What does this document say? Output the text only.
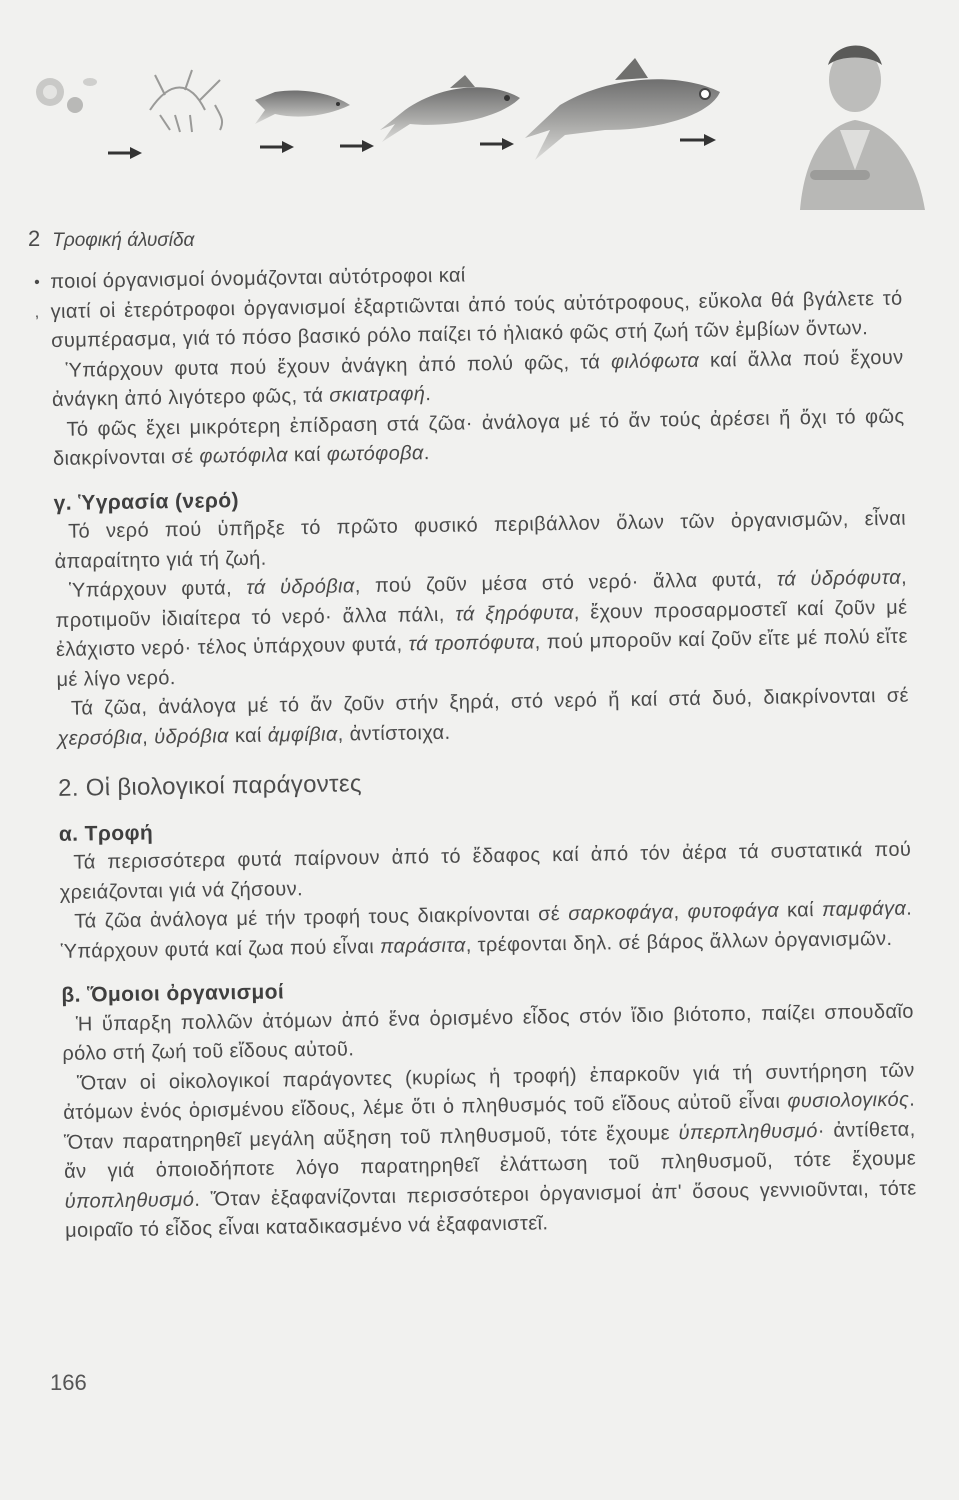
2 Τροφική άλυσίδα

• ποιοί όργανισμοί όνομάζονται αὐτότροφοι καί

, γιατί οἱ ἑτερότροφοι ὀργανισμοί ἐξαρτιῶνται ἀπό τούς αὐτότροφους, εὔκολα θά βγάλετε τό συμπέρασμα, γιά τό πόσο βασικό ρόλο παίζει τό ἡλιακό φῶς στή ζωή τῶν ἐμβίων ὄντων.

Ὑπάρχουν φυτα πού ἔχουν ἀνάγκη ἀπό πολύ φῶς, τά φιλόφωτα καί ἄλλα πού ἔχουν ἀνάγκη ἀπό λιγότερο φῶς, τά σκιατραφή.

Τό φῶς ἔχει μικρότερη ἐπίδραση στά ζῶα· ἀνάλογα μέ τό ἄν τούς ἀρέσει ἤ ὄχι τό φῶς διακρίνονται σέ φωτόφιλα καί φωτόφοβα.

γ. Ὑγρασία (νερό)

Τό νερό πού ὑπῆρξε τό πρῶτο φυσικό περιβάλλον ὅλων τῶν ὀργανισμῶν, εἶναι ἀπαραίτητο γιά τή ζωή.

Ὑπάρχουν φυτά, τά ὑδρόβια, πού ζοῦν μέσα στό νερό· ἄλλα φυτά, τά ὑδρόφυτα, προτιμοῦν ἰδιαίτερα τό νερό· ἄλλα πάλι, τά ξηρόφυτα, ἔχουν προσαρμοστεῖ καί ζοῦν μέ ἐλάχιστο νερό· τέλος ὑπάρχουν φυτά, τά τροπόφυτα, πού μποροῦν καί ζοῦν εἴτε μέ πολύ εἴτε μέ λίγο νερό.

Τά ζῶα, ἀνάλογα μέ τό ἄν ζοῦν στήν ξηρά, στό νερό ἤ καί στά δυό, διακρίνονται σέ χερσόβια, ὑδρόβια καί ἀμφίβια, ἀντίστοιχα.

2. Οἱ βιολογικοί παράγοντες

α. Τροφή

Τά περισσότερα φυτά παίρνουν ἀπό τό ἔδαφος καί ἀπό τόν ἀέρα τά συστατικά πού χρειάζονται γιά νά ζήσουν.

Τά ζῶα ἀνάλογα μέ τήν τροφή τους διακρίνονται σέ σαρκοφάγα, φυτοφάγα καί παμφάγα. Ὑπάρχουν φυτά καί ζωα πού εἶναι παράσιτα, τρέφονται δηλ. σέ βάρος ἄλλων ὀργανισμῶν.

β. Ὅμοιοι ὀργανισμοί

Ἡ ὕπαρξη πολλῶν ἀτόμων ἀπό ἕνα ὁρισμένο εἶδος στόν ἴδιο βιότοπο, παίζει σπουδαῖο ρόλο στή ζωή τοῦ εἴδους αὐτοῦ.

Ὅταν οἱ οἰκολογικοί παράγοντες (κυρίως ἡ τροφή) ἐπαρκοῦν γιά τή συντήρηση τῶν ἀτόμων ἑνός ὁρισμένου εἴδους, λέμε ὅτι ὁ πληθυσμός τοῦ εἴδους αὐτοῦ εἶναι φυσιολογικός. Ὅταν παρατηρηθεῖ μεγάλη αὔξηση τοῦ πληθυσμοῦ, τότε ἔχουμε ὑπερπληθυσμό· ἀντίθετα, ἄν γιά ὁποιοδήποτε λόγο παρατηρηθεῖ ἐλάττωση τοῦ πληθυσμοῦ, τότε ἔχουμε ὑποπληθυσμό. Ὅταν ἐξαφανίζονται περισσότεροι ὀργανισμοί ἀπ' ὅσους γεννιοῦνται, τότε μοιραῖο τό εἶδος εἶναι καταδικασμένο νά ἐξαφανιστεῖ.

166
